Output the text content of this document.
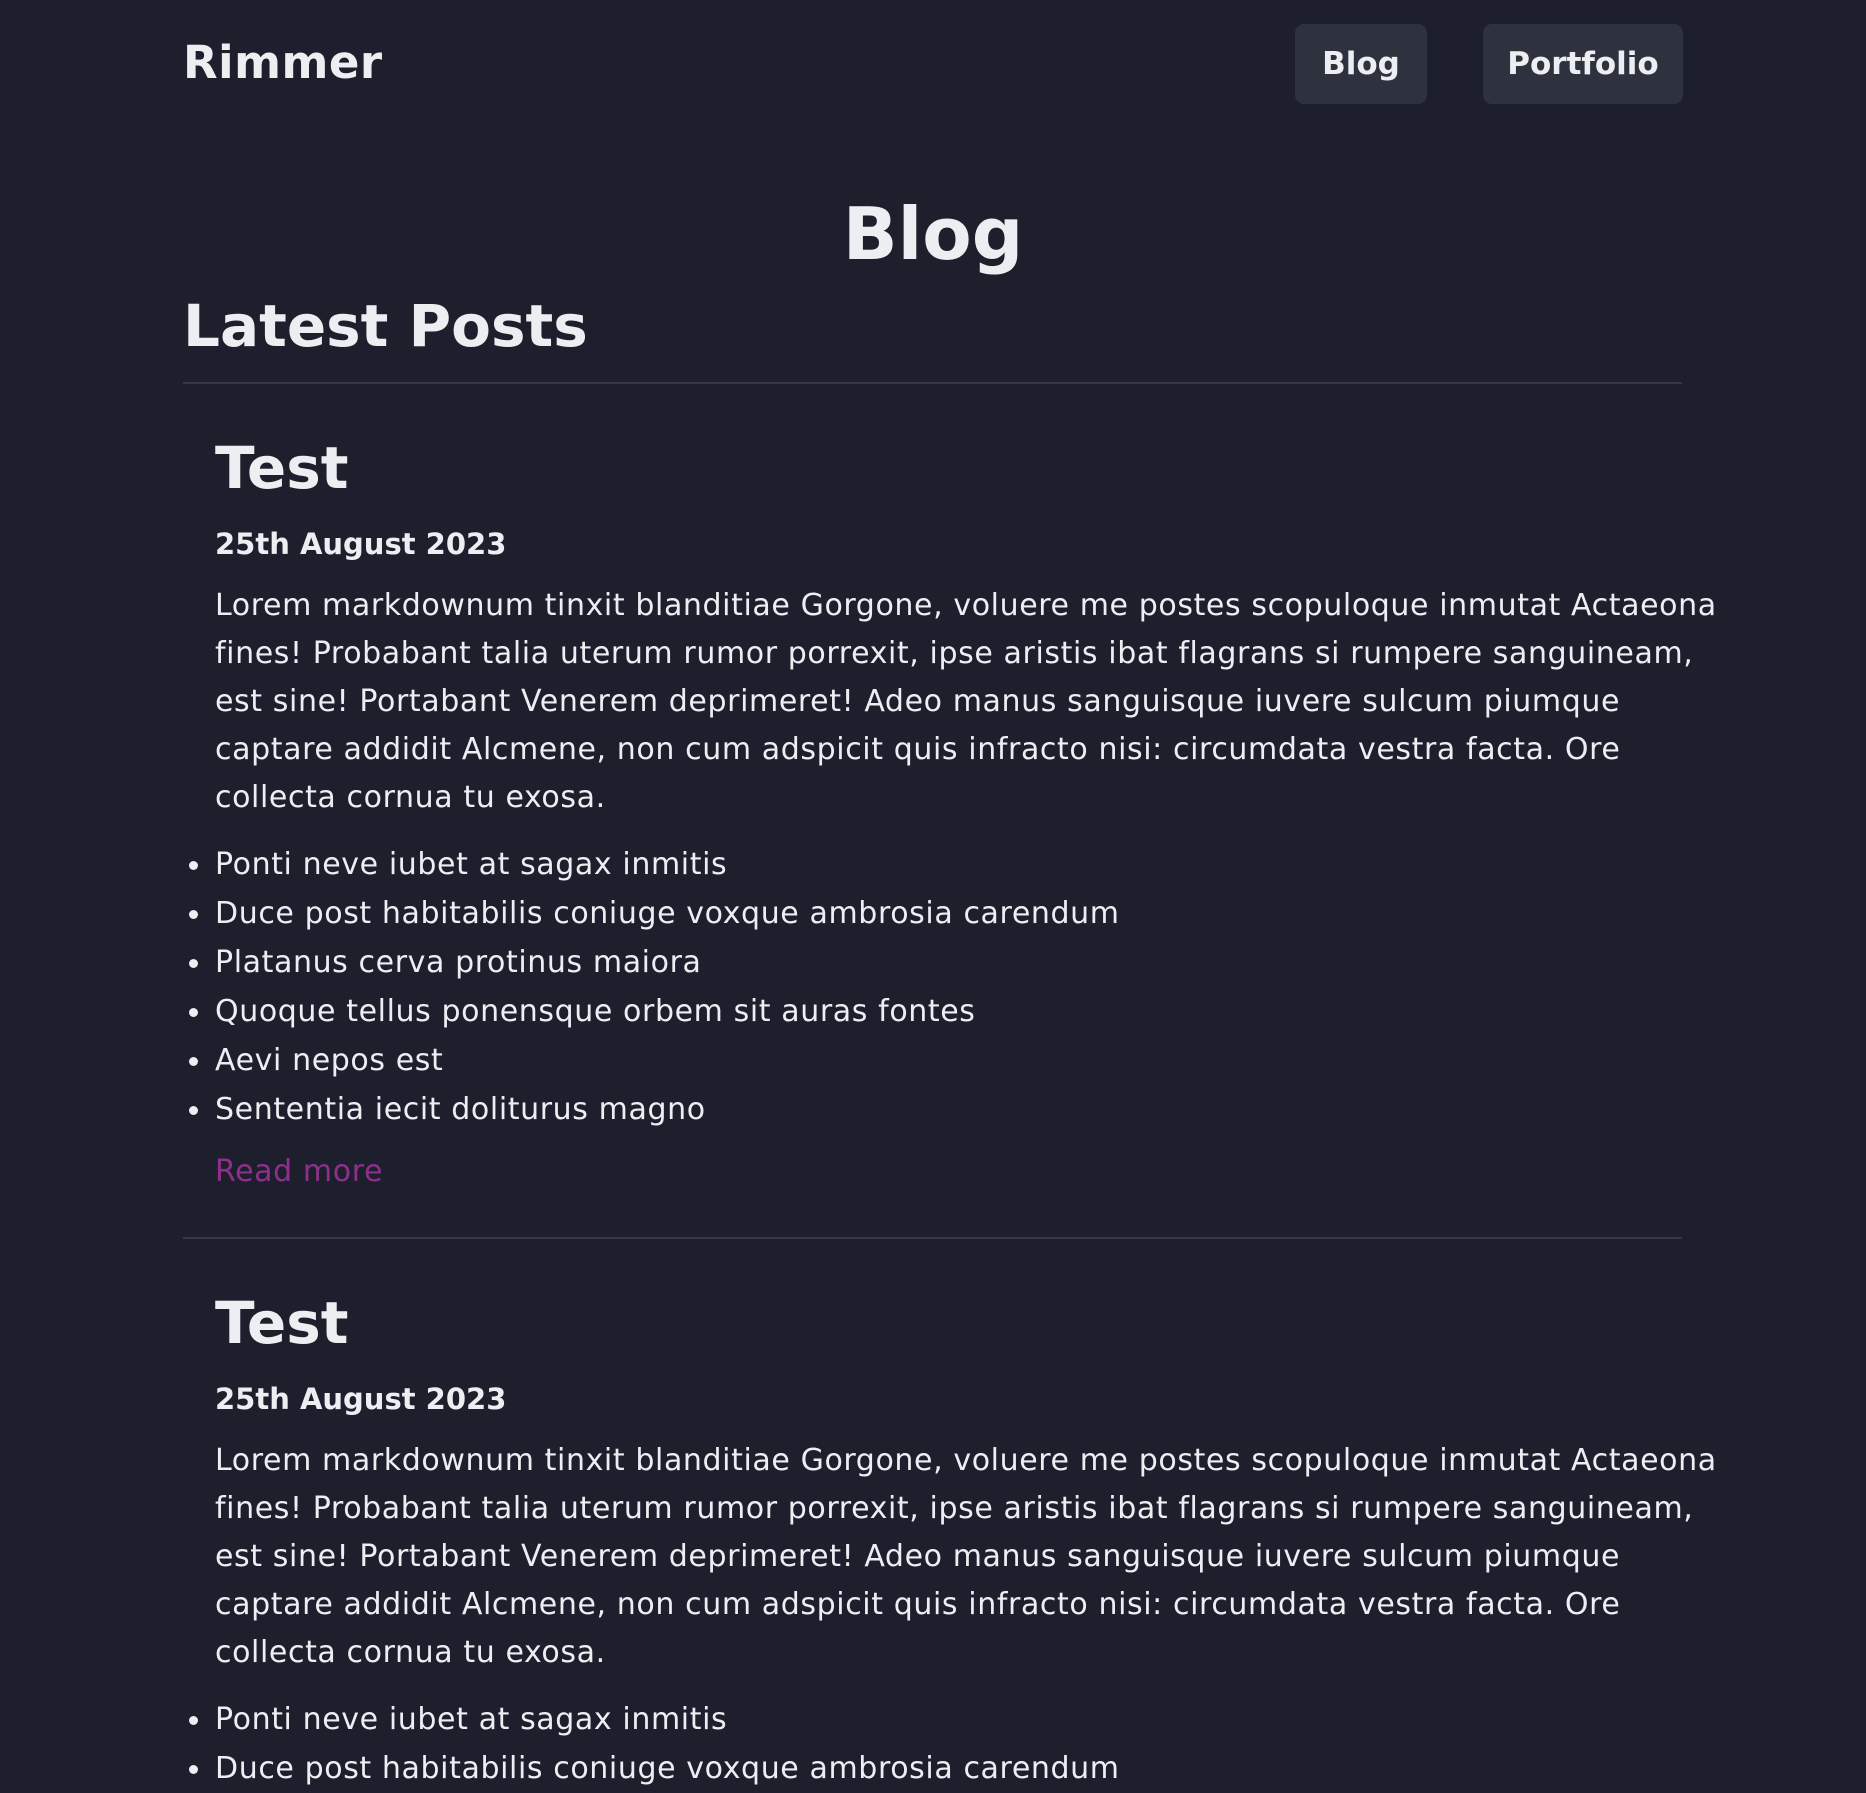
Rimmer	Blog	Portfolio
Blog
Latest Posts
Test
25th August 2023

Lorem markdownum tinxit blanditiae Gorgone, voluere me postes scopuloque inmutat Actaeona fines! Probabant talia uterum rumor porrexit, ipse aristis ibat flagrans si rumpere sanguineam, est sine! Portabant Venerem deprimeret! Adeo manus sanguisque iuvere sulcum piumque captare addidit Alcmene, non cum adspicit quis infracto nisi: circumdata vestra facta. Ore collecta cornua tu exosa.

Ponti neve iubet at sagax inmitis
Duce post habitabilis coniuge voxque ambrosia carendum
Platanus cerva protinus maiora
Quoque tellus ponensque orbem sit auras fontes
Aevi nepos est
Sententia iecit doliturus magno
Read more
Test
25th August 2023

Lorem markdownum tinxit blanditiae Gorgone, voluere me postes scopuloque inmutat Actaeona fines! Probabant talia uterum rumor porrexit, ipse aristis ibat flagrans si rumpere sanguineam, est sine! Portabant Venerem deprimeret! Adeo manus sanguisque iuvere sulcum piumque captare addidit Alcmene, non cum adspicit quis infracto nisi: circumdata vestra facta. Ore collecta cornua tu exosa.

Ponti neve iubet at sagax inmitis
Duce post habitabilis coniuge voxque ambrosia carendum
